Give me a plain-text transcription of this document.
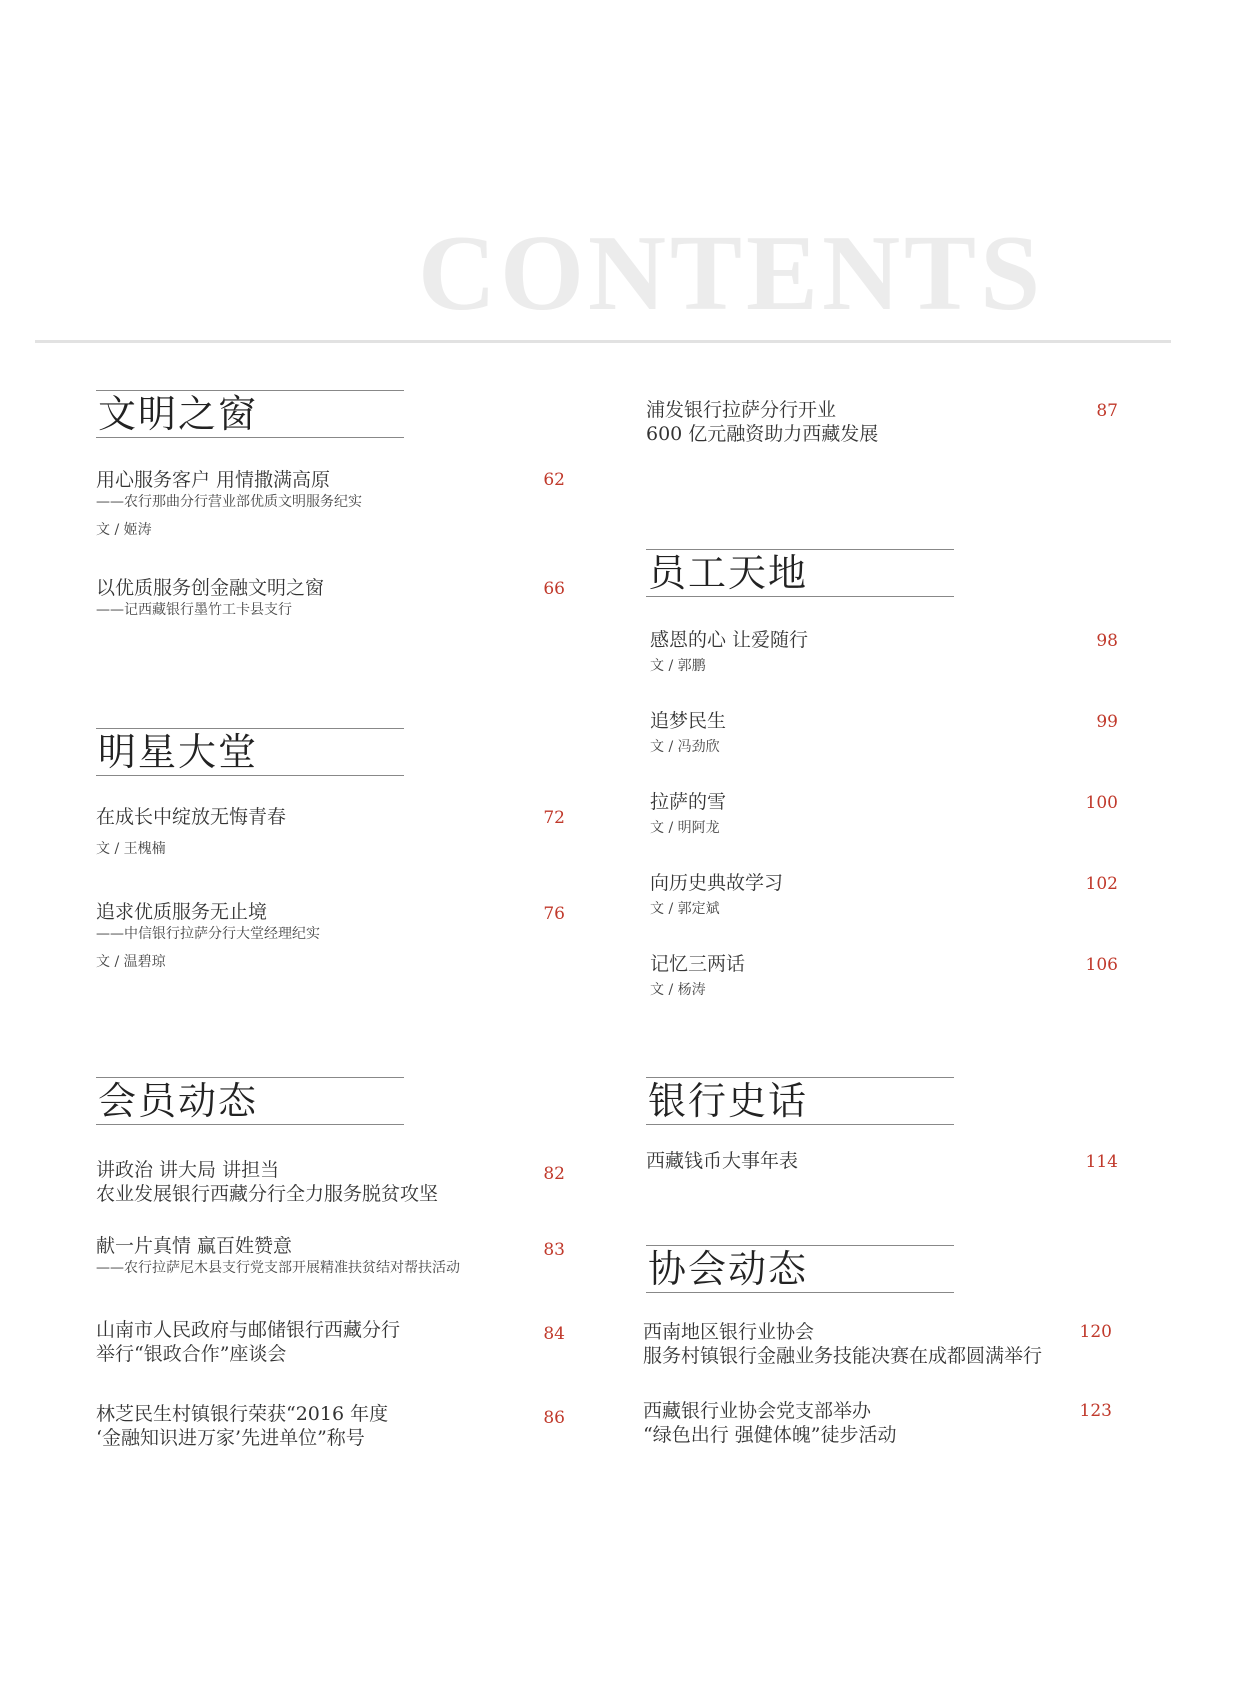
CONTENTS
文明之窗
用心服务客户 用情撒满高原
——农行那曲分行营业部优质文明服务纪实
文 / 姬涛
62
以优质服务创金融文明之窗
——记西藏银行墨竹工卡县支行
66
明星大堂
在成长中绽放无悔青春
文 / 王槐楠
72
追求优质服务无止境
——中信银行拉萨分行大堂经理纪实
文 / 温碧琼
76
会员动态
讲政治 讲大局 讲担当
农业发展银行西藏分行全力服务脱贫攻坚
82
献一片真情 赢百姓赞意
——农行拉萨尼木县支行党支部开展精准扶贫结对帮扶活动
83
山南市人民政府与邮储银行西藏分行
举行“银政合作”座谈会
84
林芝民生村镇银行荣获“2016 年度
‘金融知识进万家’先进单位”称号
86
浦发银行拉萨分行开业
600 亿元融资助力西藏发展
87
员工天地
感恩的心 让爱随行
文 / 郭鹏
98
追梦民生
文 / 冯劲欣
99
拉萨的雪
文 / 明阿龙
100
向历史典故学习
文 / 郭定斌
102
记忆三两话
文 / 杨涛
106
银行史话
西藏钱币大事年表	114
协会动态
西南地区银行业协会
服务村镇银行金融业务技能决赛在成都圆满举行
120
西藏银行业协会党支部举办
“绿色出行 强健体魄”徒步活动
123
